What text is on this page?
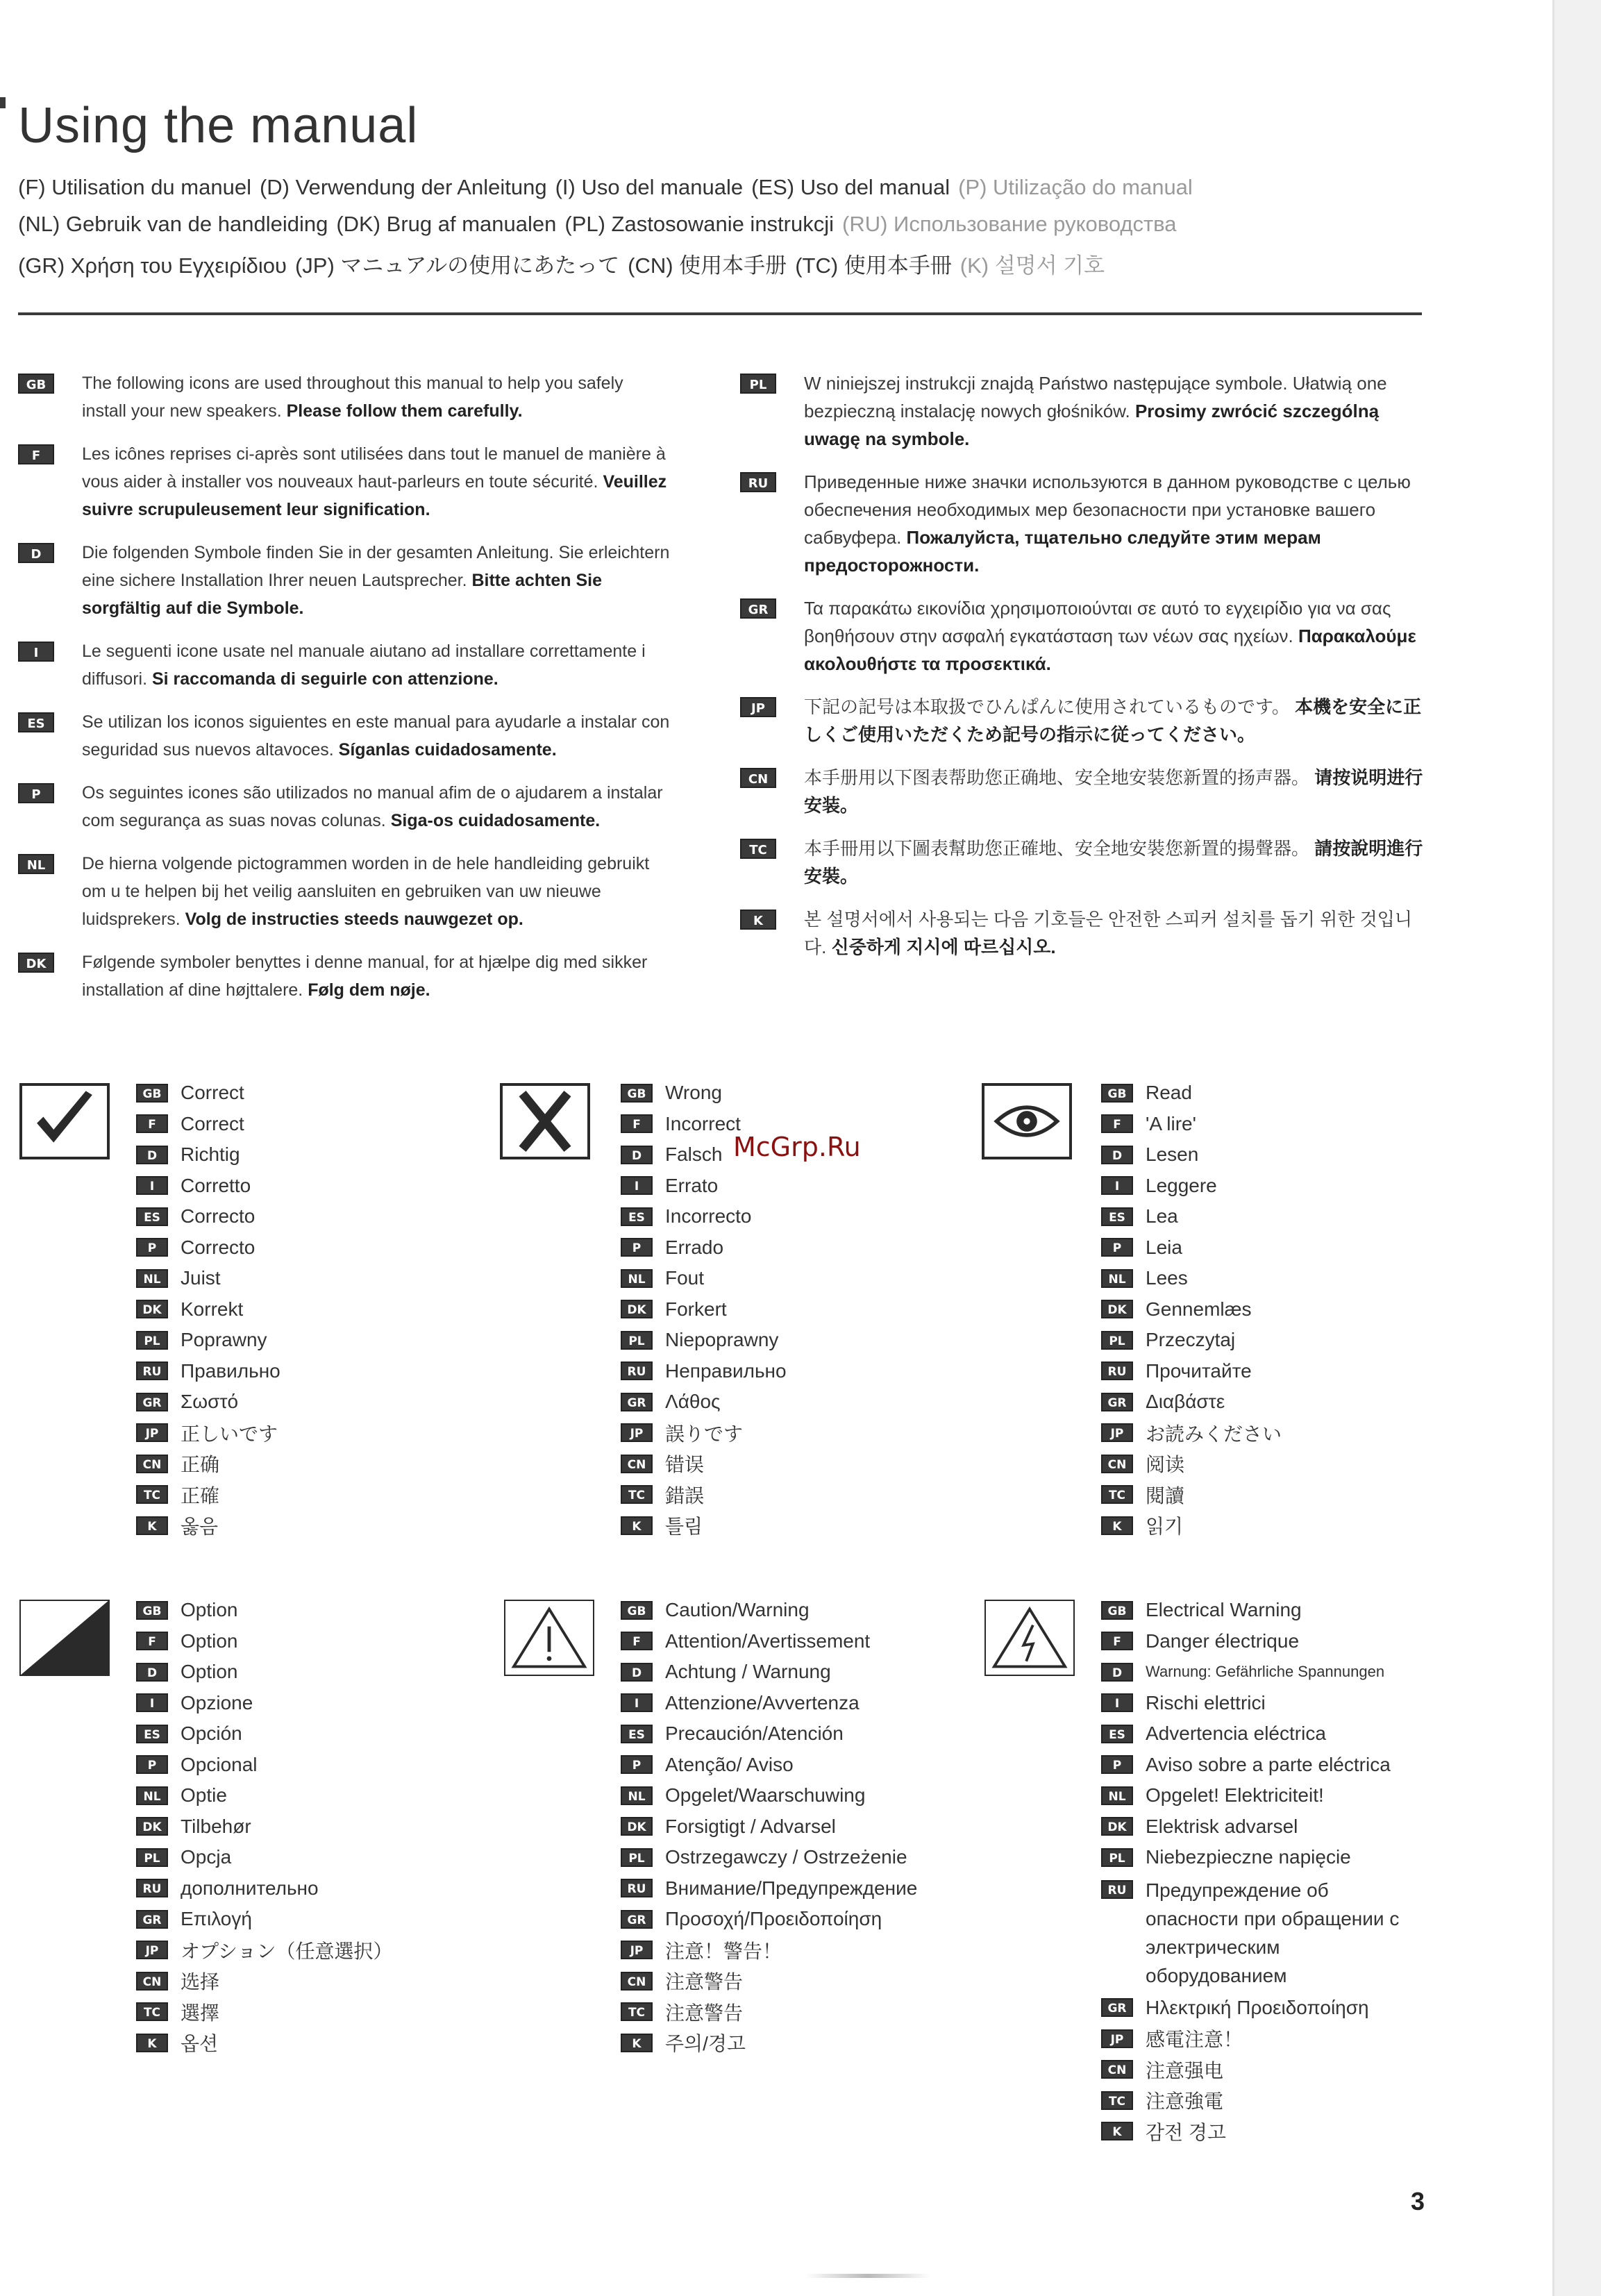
Using the manual
(F) Utilisation du manuel (D) Verwendung der Anleitung (I) Uso del manuale (ES) Uso del manual (P) Utilização do manual
(NL) Gebruik van de handleiding (DK) Brug af manualen (PL) Zastosowanie instrukcji (RU) Использование руководства
(GR) Χρήση του Εγχειρίδιου (JP) マニュアルの使用にあたって (CN) 使用本手册 (TC) 使用本手冊 (K) 설명서 기호
GB	The following icons are used throughout this manual to help you safely install your new speakers. Please follow them carefully.
F	Les icônes reprises ci-après sont utilisées dans tout le manuel de manière à vous aider à installer vos nouveaux haut-parleurs en toute sécurité. Veuillez suivre scrupuleusement leur signification.
D	Die folgenden Symbole finden Sie in der gesamten Anleitung. Sie erleichtern eine sichere Installation Ihrer neuen Lautsprecher. Bitte achten Sie sorgfältig auf die Symbole.
I	Le seguenti icone usate nel manuale aiutano ad installare correttamente i diffusori. Si raccomanda di seguirle con attenzione.
ES	Se utilizan los iconos siguientes en este manual para ayudarle a instalar con seguridad sus nuevos altavoces. Síganlas cuidadosamente.
P	Os seguintes icones são utilizados no manual afim de o ajudarem a instalar com segurança as suas novas colunas. Siga-os cuidadosamente.
NL	De hierna volgende pictogrammen worden in de hele handleiding gebruikt om u te helpen bij het veilig aansluiten en gebruiken van uw nieuwe luidsprekers. Volg de instructies steeds nauwgezet op.
DK	Følgende symboler benyttes i denne manual, for at hjælpe dig med sikker installation af dine højttalere. Følg dem nøje.
PL	W niniejszej instrukcji znajdą Państwo następujące symbole. Ułatwią one bezpieczną instalację nowych głośników. Prosimy zwrócić szczególną uwagę na symbole.
RU	Приведенные ниже значки используются в данном руководстве с целью обеспечения необходимых мер безопасности при установке вашего сабвуфера. Пожалуйста, тщательно следуйте этим мерам предосторожности.
GR	Τα παρακάτω εικονίδια χρησιμοποιούνται σε αυτό το εγχειρίδιο για να σας βοηθήσουν στην ασφαλή εγκατάσταση των νέων σας ηχείων. Παρακαλούμε ακολουθήστε τα προσεκτικά.
JP	下記の記号は本取扱でひんぱんに使用されているものです。 本機を安全に正しくご使用いただくため記号の指示に従ってください。
CN	本手册用以下图表帮助您正确地、安全地安装您新置的扬声器。 请按说明进行安装。
TC	本手冊用以下圖表幫助您正確地、安全地安裝您新置的揚聲器。 請按說明進行安裝。
K	본 설명서에서 사용되는 다음 기호들은 안전한 스피커 설치를 돕기 위한 것입니다. 신중하게 지시에 따르십시오.
GB Correct
F	Correct
D	Richtig
I	Corretto
ES	Correcto
P	Correcto
NL	Juist
DK Korrekt
PL	Poprawny
RU Правильно
GR Σωστό
JP	正しいです
CN 正确
TC	正確
K	옳음
GB Wrong
F	Incorrect
D	Falsch
I	Errato
ES	Incorrecto
P	Errado
NL	Fout
DK Forkert
PL	Niepoprawny
RU Неправильно
GR Λάθος
JP	誤りです
CN 错误
TC	錯誤
K	틀림
GB Read
F	'A lire'
D	Lesen
I	Leggere
ES	Lea
P	Leia
NL	Lees
DK Gennemlæs
PL	Przeczytaj
RU Прочитайте
GR Διαβάστε
JP	お読みください
CN 阅读
TC	閱讀
K	읽기
GB Option
F	Option
D	Option
I	Opzione
ES	Opción
P	Opcional
NL	Optie
DK Tilbehør
PL	Opcja
RU дополнительно
GR Επιλογή
JP	オプション（任意選択）
CN 选择
TC	選擇
K	옵션
GB Caution/Warning
F	Attention/Avertissement
D	Achtung / Warnung
I	Attenzione/Avvertenza
ES	Precaución/Atención
P	Atenção/ Aviso
NL	Opgelet/Waarschuwing
DK Forsigtigt / Advarsel
PL	Ostrzegawczy / Ostrzeżenie
RU Внимание/Предупреждение
GR Προσοχή/Προειδοποίηση
JP	注意！警告！
CN 注意警告
TC	注意警告
K	주의/경고
GB Electrical Warning
F	Danger électrique
D	Warnung: Gefährliche Spannungen
I	Rischi elettrici
ES	Advertencia eléctrica
P	Aviso sobre a parte eléctrica
NL	Opgelet! Elektriciteit!
DK Elektrisk advarsel
PL	Niebezpieczne napięcie
RU Предупреждение об опасности при обращении с электрическим оборудованием
GR Ηλεκτρική Προειδοποίηση
JP	感電注意！
CN 注意强电
TC	注意強電
K	감전 경고
McGrp.Ru
3
